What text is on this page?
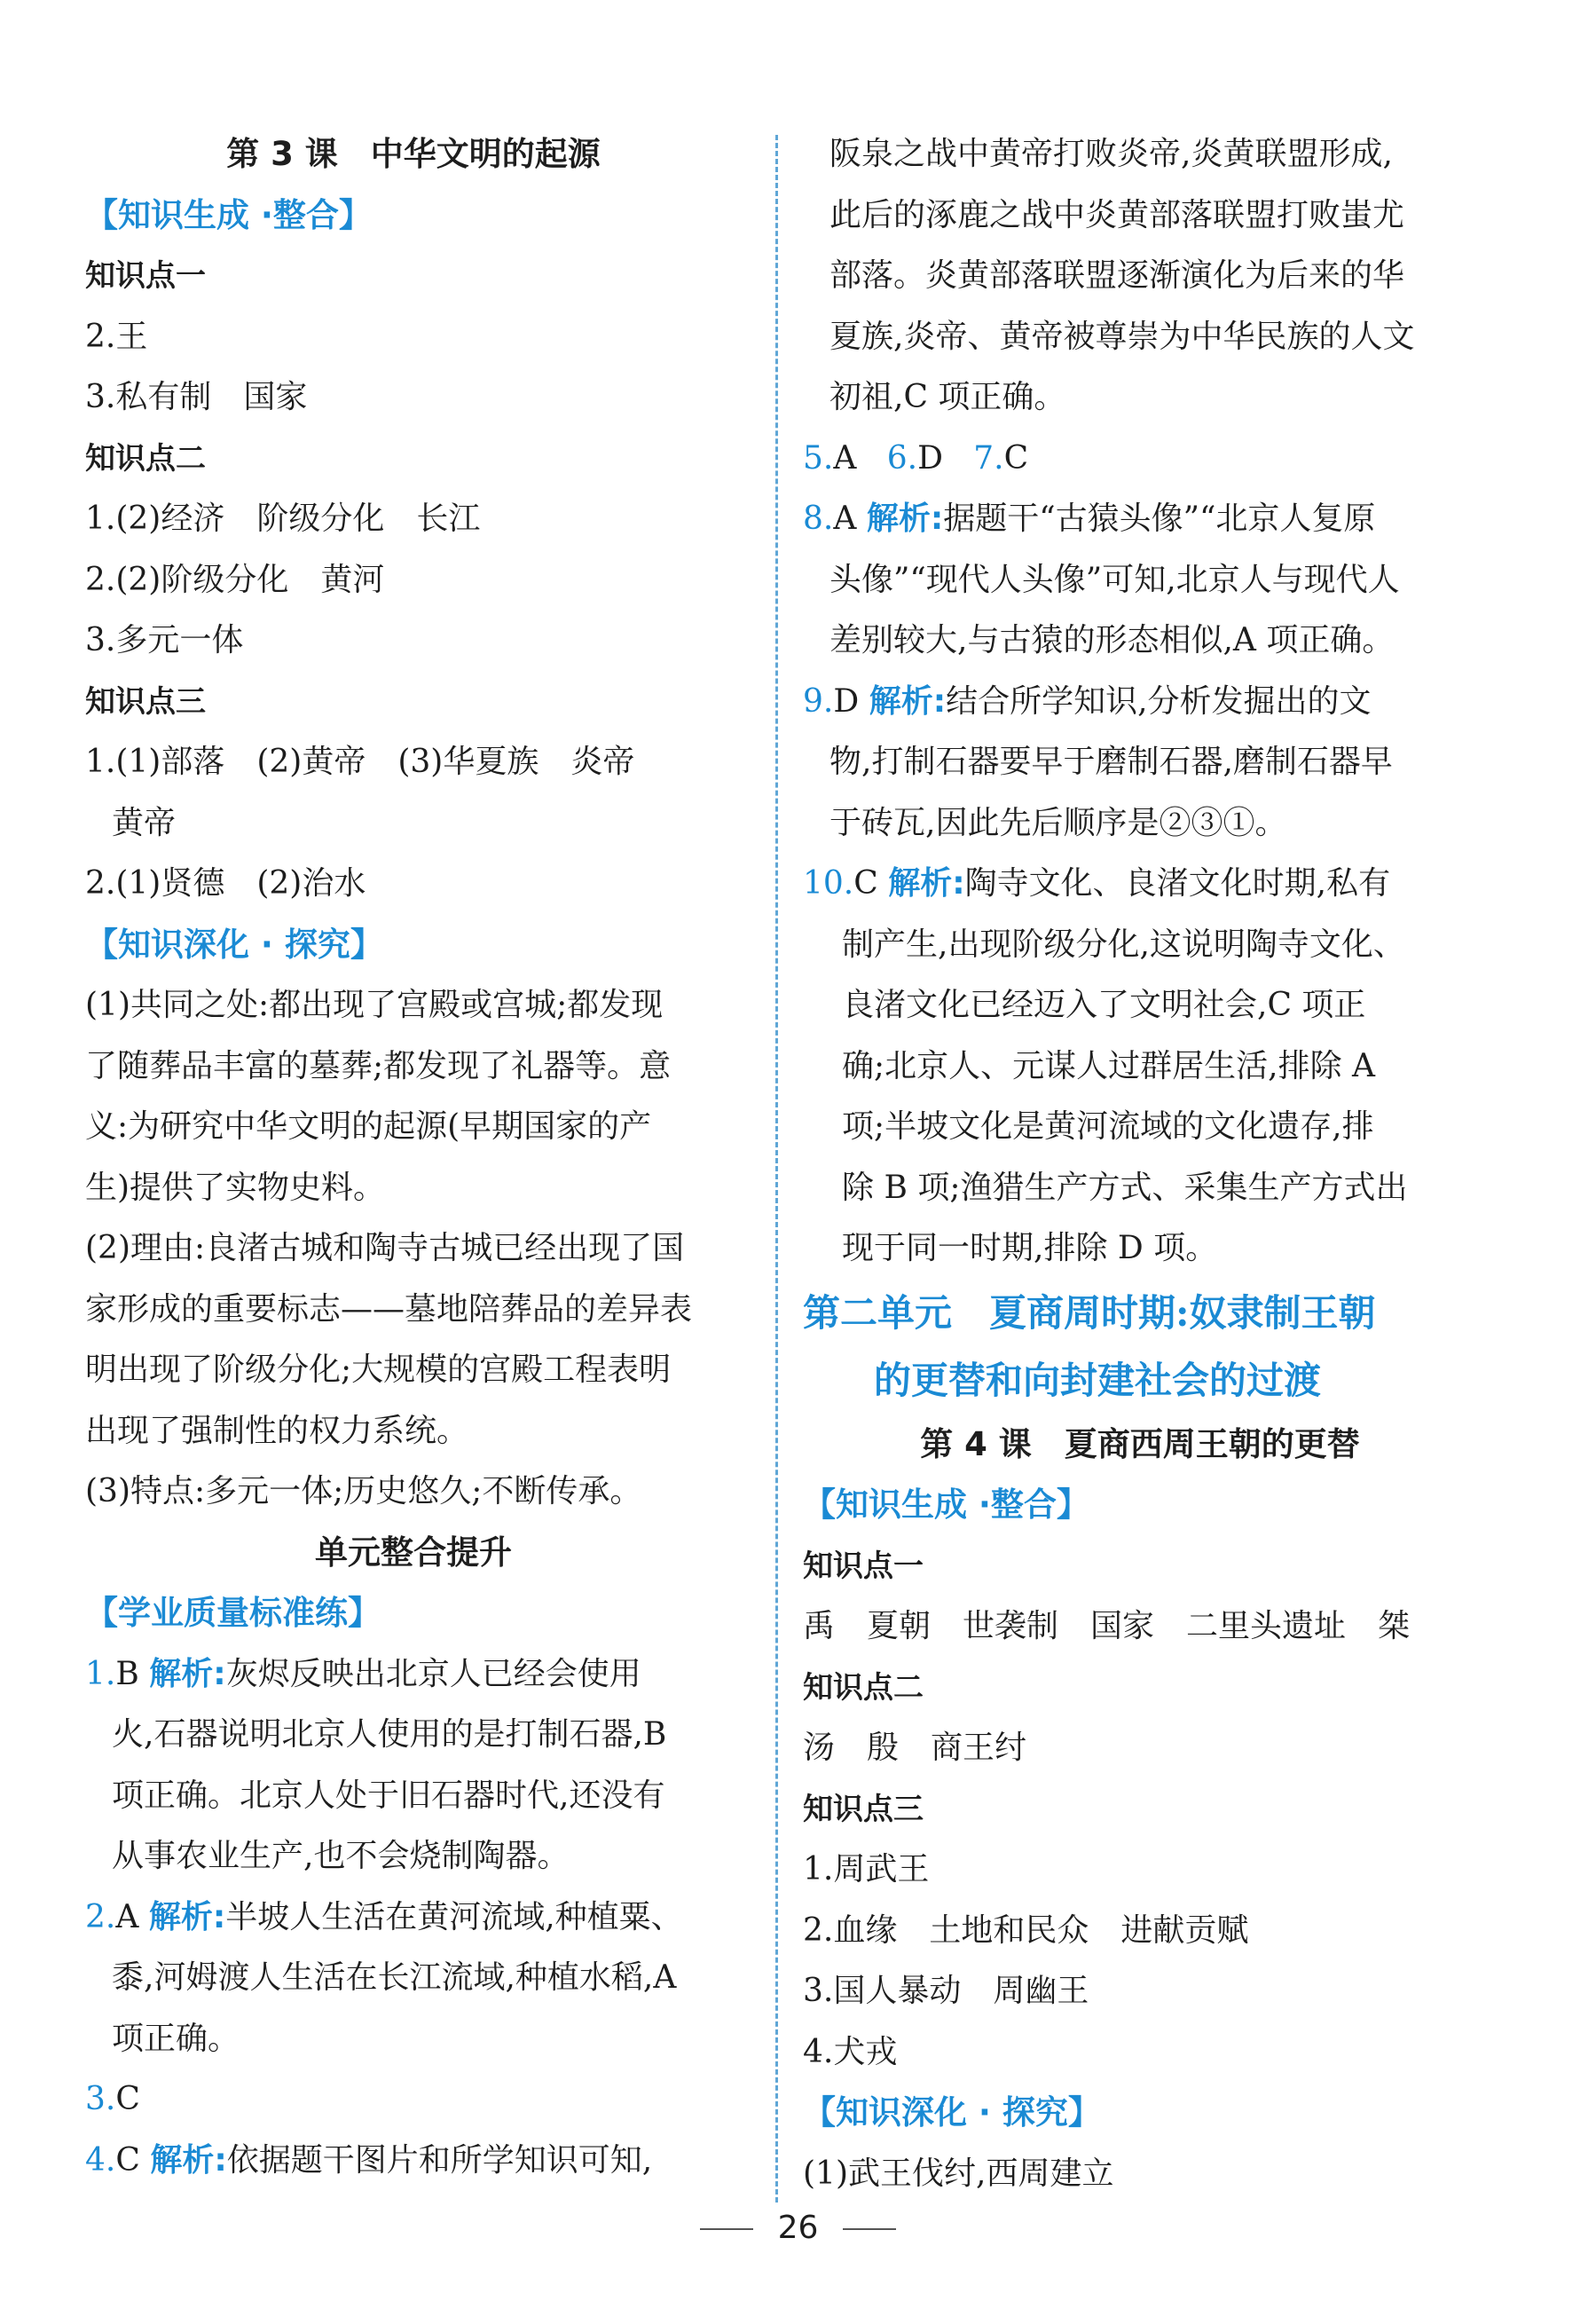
第 3 课　中华文明的起源
【知识生成 ·整合】
知识点一
2.王
3.私有制　国家
知识点二
1.(2)经济　阶级分化　长江
2.(2)阶级分化　黄河
3.多元一体
知识点三
1.(1)部落　(2)黄帝　(3)华夏族　炎帝
黄帝
2.(1)贤德　(2)治水
【知识深化 · 探究】
(1)共同之处:都出现了宫殿或宫城;都发现
了随葬品丰富的墓葬;都发现了礼器等。意
义:为研究中华文明的起源(早期国家的产
生)提供了实物史料。
(2)理由:良渚古城和陶寺古城已经出现了国
家形成的重要标志——墓地陪葬品的差异表
明出现了阶级分化;大规模的宫殿工程表明
出现了强制性的权力系统。
(3)特点:多元一体;历史悠久;不断传承。
单元整合提升
【学业质量标准练】
1.B 解析:灰烬反映出北京人已经会使用
火,石器说明北京人使用的是打制石器,B
项正确。北京人处于旧石器时代,还没有
从事农业生产,也不会烧制陶器。
2.A 解析:半坡人生活在黄河流域,种植粟、
黍,河姆渡人生活在长江流域,种植水稻,A
项正确。
3.C
4.C 解析:依据题干图片和所学知识可知,
阪泉之战中黄帝打败炎帝,炎黄联盟形成,
此后的涿鹿之战中炎黄部落联盟打败蚩尤
部落。炎黄部落联盟逐渐演化为后来的华
夏族,炎帝、黄帝被尊崇为中华民族的人文
初祖,C 项正确。
5.A 6.D 7.C
8.A 解析:据题干“古猿头像”“北京人复原
头像”“现代人头像”可知,北京人与现代人
差别较大,与古猿的形态相似,A 项正确。
9.D 解析:结合所学知识,分析发掘出的文
物,打制石器要早于磨制石器,磨制石器早
于砖瓦,因此先后顺序是②③①。
10.C 解析:陶寺文化、良渚文化时期,私有
制产生,出现阶级分化,这说明陶寺文化、
良渚文化已经迈入了文明社会,C 项正
确;北京人、元谋人过群居生活,排除 A
项;半坡文化是黄河流域的文化遗存,排
除 B 项;渔猎生产方式、采集生产方式出
现于同一时期,排除 D 项。
第二单元　夏商周时期:奴隶制王朝
的更替和向封建社会的过渡
第 4 课　夏商西周王朝的更替
【知识生成 ·整合】
知识点一
禹　夏朝　世袭制　国家　二里头遗址　桀
知识点二
汤　殷　商王纣
知识点三
1.周武王
2.血缘　土地和民众　进献贡赋
3.国人暴动　周幽王
4.犬戎
【知识深化 · 探究】
(1)武王伐纣,西周建立
26
